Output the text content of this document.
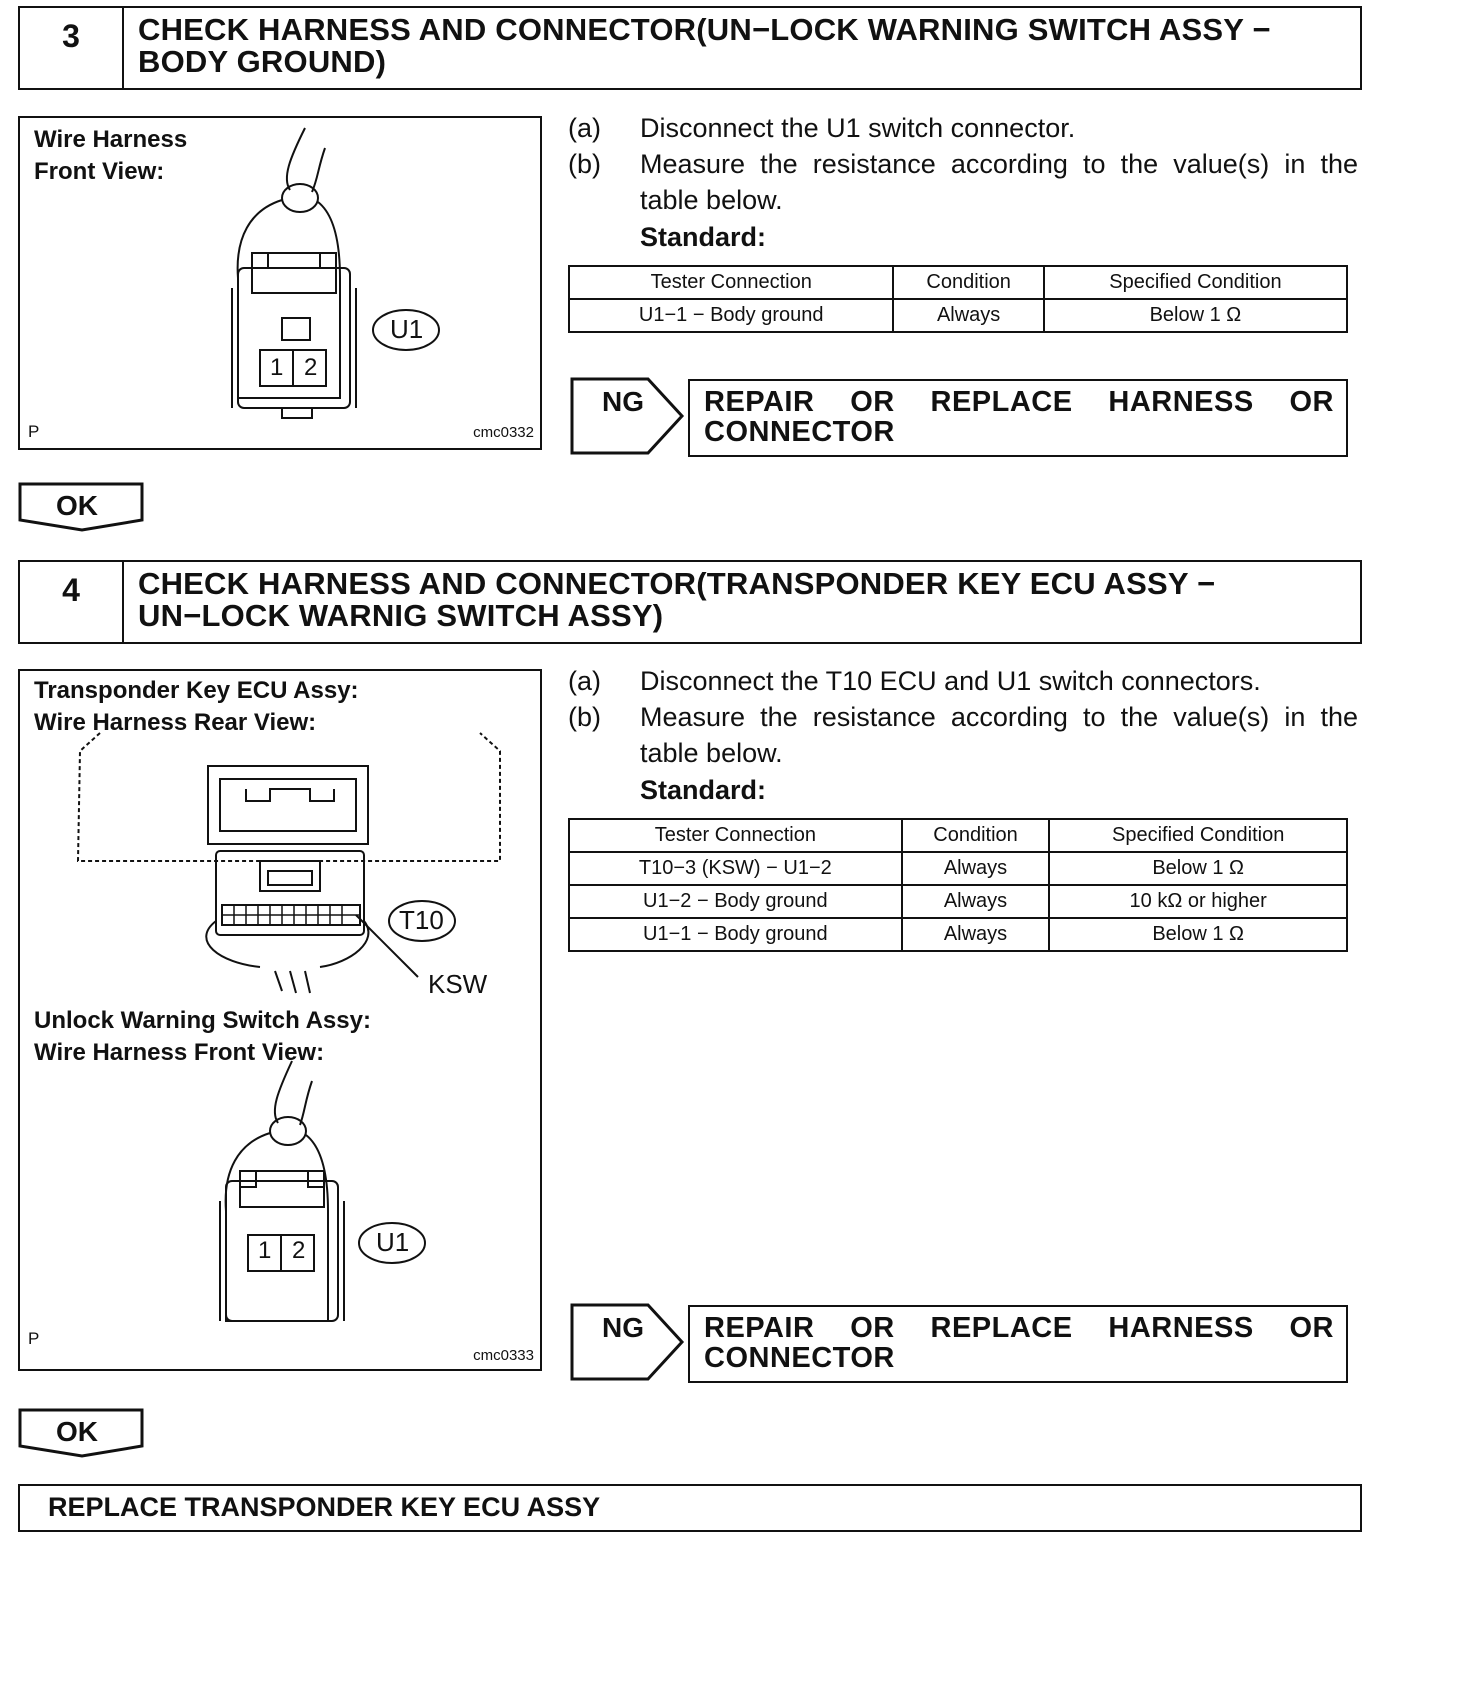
3	CHECK HARNESS AND CONNECTOR(UN−LOCK WARNING SWITCH ASSY −
BODY GROUND)
Wire Harness
Front View:
U1
1 2
P	cmc0332
(a)	Disconnect the U1 switch connector.
(b)	Measure the resistance according to the value(s) in the table below.
Standard:
Tester Connection	Condition	Specified Condition
U1−1 − Body ground	Always	Below 1 Ω
NG REPAIR OR REPLACE HARNESS OR
CONNECTOR
OK
4	CHECK HARNESS AND CONNECTOR(TRANSPONDER KEY ECU ASSY −
UN−LOCK WARNIG SWITCH ASSY)
Transponder Key ECU Assy:
Wire Harness Rear View:
T10
KSW
Unlock Warning Switch Assy:
Wire Harness Front View:
U1
1 2
P
cmc0333
(a)	Disconnect the T10 ECU and U1 switch connectors.
(b)	Measure the resistance according to the value(s) in the table below.
Standard:
Tester Connection	Condition	Specified Condition
T10−3 (KSW) − U1−2	Always	Below 1 Ω
U1−2 − Body ground	Always	10 kΩ or higher
U1−1 − Body ground	Always	Below 1 Ω
NG REPAIR OR REPLACE HARNESS OR
CONNECTOR
OK
REPLACE TRANSPONDER KEY ECU ASSY
